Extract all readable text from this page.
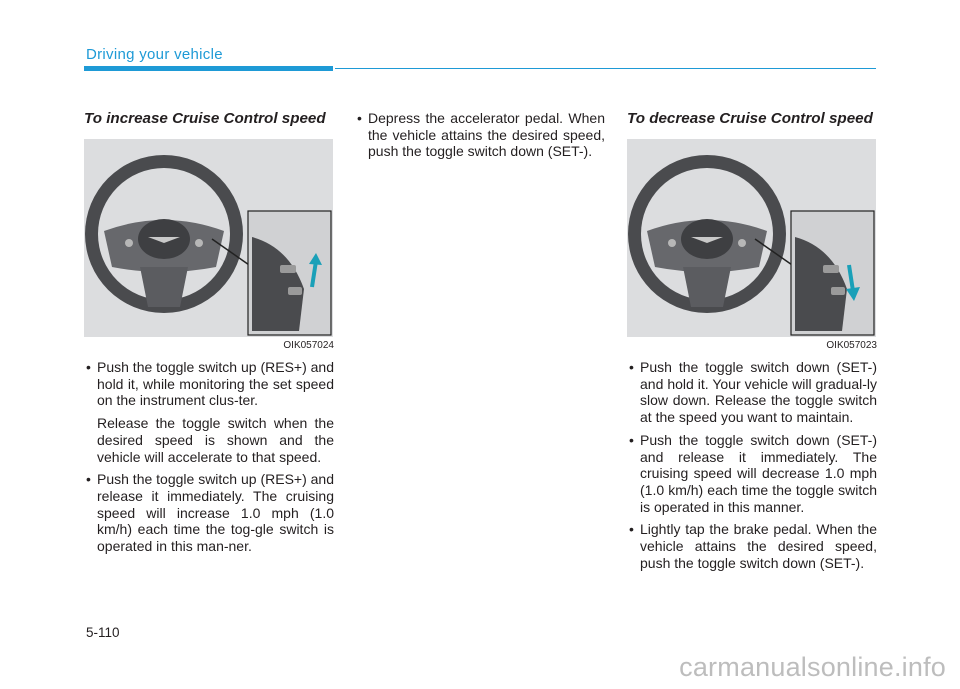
Driving your vehicle

To increase Cruise Control speed

OIK057024
• Push the toggle switch up (RES+) and hold it, while monitoring the set speed on the instrument clus-ter.
Release the toggle switch when the desired speed is shown and the vehicle will accelerate to that speed.
• Push the toggle switch up (RES+) and release it immediately. The cruising speed will increase 1.0 mph (1.0 km/h) each time the tog-gle switch is operated in this man-ner.
• Depress the accelerator pedal. When the vehicle attains the desired speed, push the toggle switch down (SET-).

To decrease Cruise Control speed

OIK057023
• Push the toggle switch down (SET-) and hold it. Your vehicle will gradual-ly slow down. Release the toggle switch at the speed you want to maintain.
• Push the toggle switch down (SET-) and release it immediately. The cruising speed will decrease 1.0 mph (1.0 km/h) each time the toggle switch is operated in this manner.
• Lightly tap the brake pedal. When the vehicle attains the desired speed, push the toggle switch down (SET-).
5-110
carmanualsonline.info
